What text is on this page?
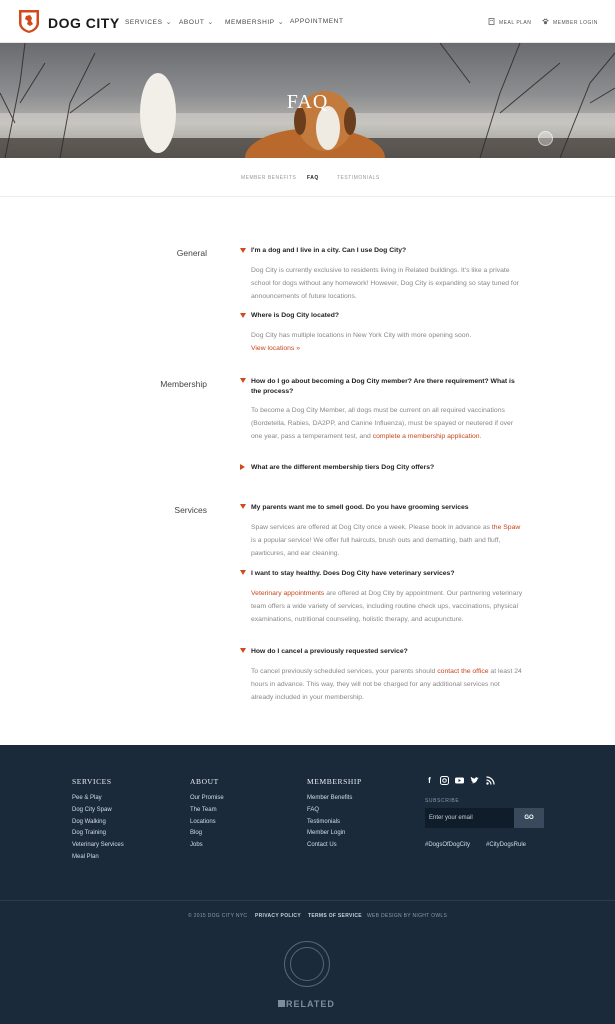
DOG CITY SERVICES ⌄ ABOUT ⌄ MEMBERSHIP ⌄ APPOINTMENT	MEAL PLAN	MEMBER LOGIN
FAQ
MEMBER BENEFITS FAQ	TESTIMONIALS
General	I'm a dog and I live in a city. Can I use Dog City?
Dog City is currently exclusive to residents living in Related buildings. It's like a private school for dogs without any homework! However, Dog City is expanding so stay tuned for announcements of future locations.
Where is Dog City located?
Dog City has multiple locations in New York City with more opening soon.
View locations »
Membership	How do I go about becoming a Dog City member? Are there requirement? What is the process?
To become a Dog City Member, all dogs must be current on all required vaccinations (Bordetella, Rabies, DA2PP, and Canine Influenza), must be spayed or neutered if over one year, pass a temperament test, and complete a membership application.
What are the different membership tiers Dog City offers?
Services	My parents want me to smell good. Do you have grooming services
Spaw services are offered at Dog City once a week. Please book in advance as the Spaw is a popular service! We offer full haircuts, brush outs and dematting, bath and fluff, pawticures, and ear cleaning.
I want to stay healthy. Does Dog City have veterinary services?
Veterinary appointments are offered at Dog City by appointment. Our partnering veterinary team offers a wide variety of services, including routine check ups, vaccinations, physical examinations, nutritional counseling, holistic therapy, and acupuncture.
How do I cancel a previously requested service?
To cancel previously scheduled services, your parents should contact the office at least 24 hours in advance. This way, they will not be charged for any additional services not already included in your membership.
SERVICES
Pee & Play
Dog City Spaw
Dog Walking
Dog Training
Veterinary Services
Meal Plan
ABOUT
Our Promise
The Team
Locations
Blog
Jobs
MEMBERSHIP
Member Benefits
FAQ
Testimonials
Member Login
Contact Us
f
SUBSCRIBE
Enter your email	GO
#DogsOfDogCity	#CityDogsRule
© 2015 DOG CITY NYC PRIVACY POLICY TERMS OF SERVICE WEB DESIGN BY NIGHT OWLS
RELATED
